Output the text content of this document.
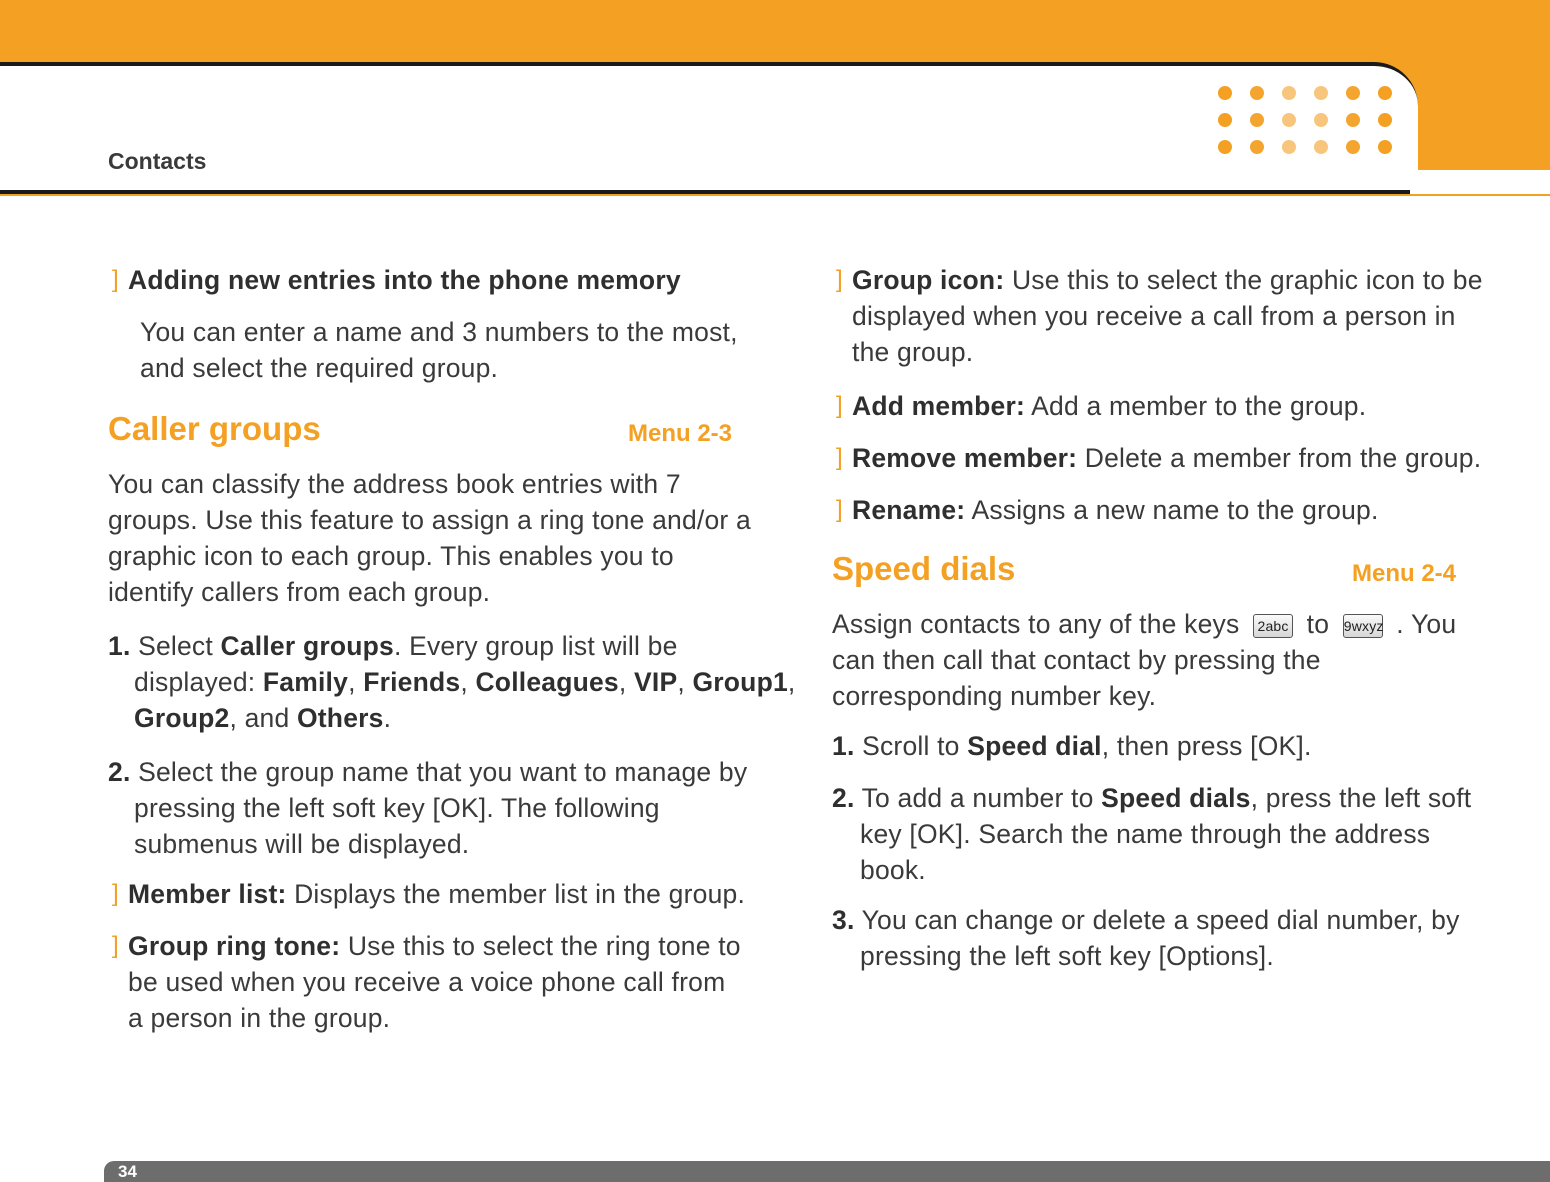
Contacts
] Adding new entries into the phone memory

You can enter a name and 3 numbers to the most,

and select the required group.

Caller groups	Menu 2-3

You can classify the address book entries with 7

groups. Use this feature to assign a ring tone and/or a

graphic icon to each group. This enables you to

identify callers from each group.

1. Select Caller groups. Every group list will be

displayed: Family, Friends, Colleagues, VIP, Group1,

Group2, and Others.

2. Select the group name that you want to manage by

pressing the left soft key [OK]. The following

submenus will be displayed.

] Member list: Displays the member list in the group.

] Group ring tone: Use this to select the ring tone to

be used when you receive a voice phone call from

a person in the group.

] Group icon: Use this to select the graphic icon to be

displayed when you receive a call from a person in

the group.

] Add member: Add a member to the group.

] Remove member: Delete a member from the group.

] Rename: Assigns a new name to the group.

Speed dials	Menu 2-4

Assign contacts to any of the keys 2abc to 9wxyz . You

can then call that contact by pressing the

corresponding number key.

1. Scroll to Speed dial, then press [OK].

2. To add a number to Speed dials, press the left soft

key [OK]. Search the name through the address

book.

3. You can change or delete a speed dial number, by

pressing the left soft key [Options].

34
